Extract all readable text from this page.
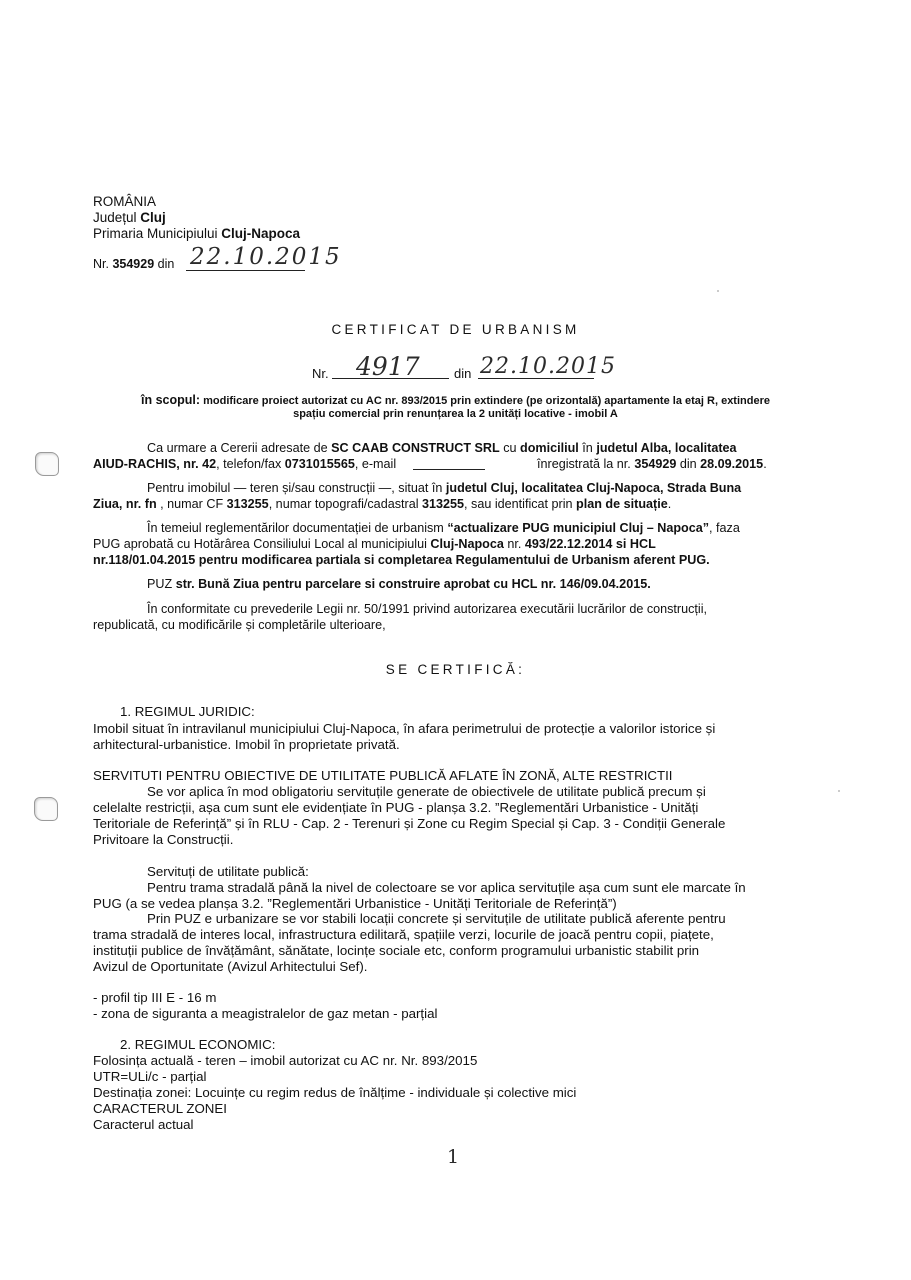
ROMÂNIA
Județul Cluj
Primaria Municipiului Cluj-Napoca
Nr. 354929 din 22.10.2015
CERTIFICAT DE URBANISM
Nr. 4917	din 22.10.2015
în scopul: modificare proiect autorizat cu AC nr. 893/2015 prin extindere (pe orizontală) apartamente la etaj R, extindere
spațiu comercial prin renunțarea la 2 unități locative - imobil A
Ca urmare a Cererii adresate de SC CAAB CONSTRUCT SRL cu domiciliul în judetul Alba, localitatea
AIUD-RACHIS, nr. 42, telefon/fax 0731015565, e-mail	înregistrată la nr. 354929 din 28.09.2015.
Pentru imobilul — teren și/sau construcții —, situat în judetul Cluj, localitatea Cluj-Napoca, Strada Buna
Ziua, nr. fn , numar CF 313255, numar topografi/cadastral 313255, sau identificat prin plan de situație.
În temeiul reglementărilor documentației de urbanism “actualizare PUG municipiul Cluj – Napoca”, faza
PUG aprobată cu Hotărârea Consiliului Local al municipiului Cluj-Napoca nr. 493/22.12.2014 si HCL
nr.118/01.04.2015 pentru modificarea partiala si completarea Regulamentului de Urbanism aferent PUG.
PUZ str. Bună Ziua pentru parcelare si construire aprobat cu HCL nr. 146/09.04.2015.
În conformitate cu prevederile Legii nr. 50/1991 privind autorizarea executării lucrărilor de construcții,
republicată, cu modificările și completările ulterioare,
SE CERTIFICĂ:
1. REGIMUL JURIDIC:
Imobil situat în intravilanul municipiului Cluj-Napoca, în afara perimetrului de protecție a valorilor istorice și
arhitectural-urbanistice. Imobil în proprietate privată.
SERVITUTI PENTRU OBIECTIVE DE UTILITATE PUBLICĂ AFLATE ÎN ZONĂ, ALTE RESTRICTII
Se vor aplica în mod obligatoriu servituțile generate de obiectivele de utilitate publică precum și
celelalte restricții, așa cum sunt ele evidențiate în PUG - planșa 3.2. ”Reglementări Urbanistice - Unități
Teritoriale de Referință” și în RLU - Cap. 2 - Terenuri și Zone cu Regim Special și Cap. 3 - Condiții Generale
Privitoare la Construcții.
Servituți de utilitate publică:
Pentru trama stradală până la nivel de colectoare se vor aplica servituțile așa cum sunt ele marcate în
PUG (a se vedea planșa 3.2. ”Reglementări Urbanistice - Unități Teritoriale de Referință”)
Prin PUZ e urbanizare se vor stabili locații concrete și servituțile de utilitate publică aferente pentru
trama stradală de interes local, infrastructura edilitară, spațiile verzi, locurile de joacă pentru copii, piațete,
instituții publice de învățământ, sănătate, locințe sociale etc, conform programului urbanistic stabilit prin
Avizul de Oportunitate (Avizul Arhitectului Sef).
- profil tip III E - 16 m
- zona de siguranta a meagistralelor de gaz metan - parțial
2. REGIMUL ECONOMIC:
Folosința actuală - teren – imobil autorizat cu AC nr. Nr. 893/2015
UTR=ULi/c - parțial
Destinația zonei: Locuințe cu regim redus de înălțime - individuale și colective mici
CARACTERUL ZONEI
Caracterul actual
1
